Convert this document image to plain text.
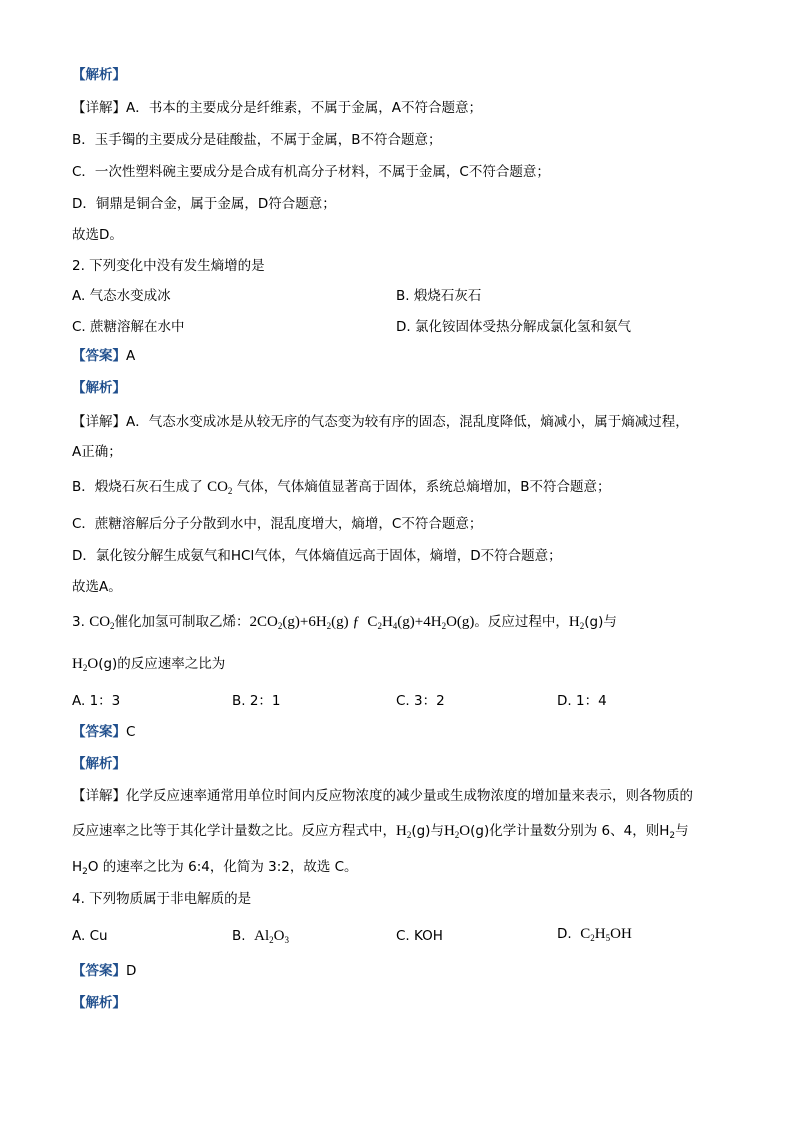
【解析】
【详解】A．书本的主要成分是纤维素，不属于金属，A不符合题意；
B．玉手镯的主要成分是硅酸盐，不属于金属，B不符合题意；
C．一次性塑料碗主要成分是合成有机高分子材料，不属于金属，C不符合题意；
D．铜鼎是铜合金，属于金属，D符合题意；
故选D。
2. 下列变化中没有发生熵增的是
A. 气态水变成冰	B. 煅烧石灰石
C. 蔗糖溶解在水中	D. 氯化铵固体受热分解成氯化氢和氨气
【答案】A
【解析】
【详解】A．气态水变成冰是从较无序的气态变为较有序的固态，混乱度降低，熵减小，属于熵减过程，
A正确；
B．煅烧石灰石生成了 $CO_2$ 气体，气体熵值显著高于固体，系统总熵增加，B不符合题意；
C．蔗糖溶解后分子分散到水中，混乱度增大，熵增，C不符合题意；
D．氯化铵分解生成氨气和HCl气体，气体熵值远高于固体，熵增，D不符合题意；
故选A。
3. $CO_2$催化加氢可制取乙烯：$2CO_2(g)+6H_2(g)$ ƒ $C_2H_4(g)+4H_2O(g)$。反应过程中，$H_2(g)$与
$H_2O(g)$的反应速率之比为
A. 1：3	B. 2：1	C. 3：2	D. 1：4
【答案】C
【解析】
【详解】化学反应速率通常用单位时间内反应物浓度的减少量或生成物浓度的增加量来表示，则各物质的
反应速率之比等于其化学计量数之比。反应方程式中，$H_2(g)$与$H_2O(g)$化学计量数分别为 6、4，则$H_2$与
$H_2O$ 的速率之比为 6:4，化简为 3:2，故选 C。
4. 下列物质属于非电解质的是
A. Cu	B. $Al_2O_3$	C. KOH	D. $C_2H_5OH$
【答案】D
【解析】
